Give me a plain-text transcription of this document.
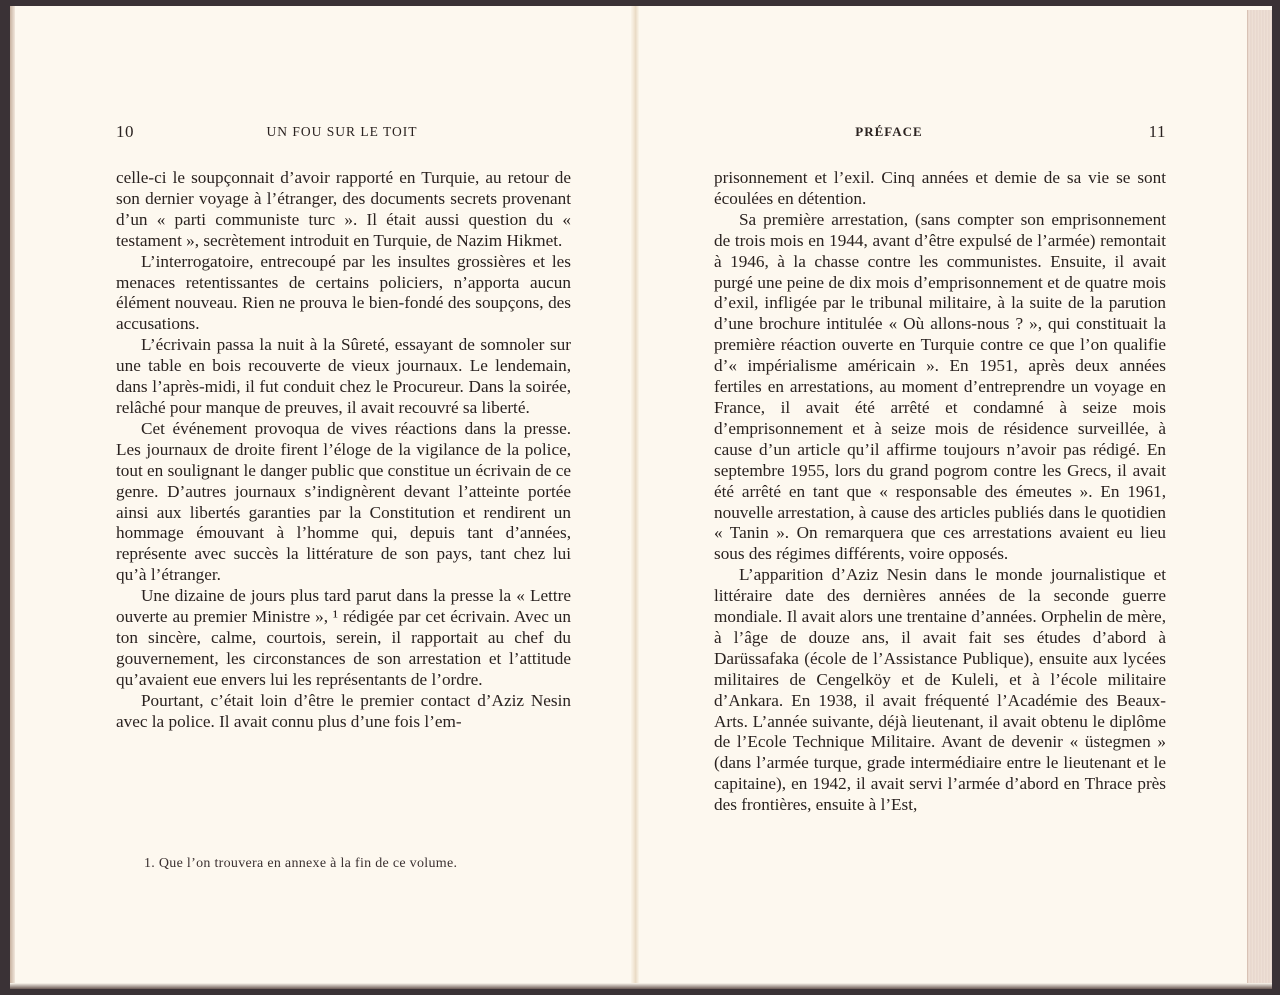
10	UN FOU SUR LE TOIT

celle-ci le soupçonnait d’avoir rapporté en Turquie, au retour de son dernier voyage à l’étranger, des documents secrets provenant d’un « parti communiste turc ». Il était aussi question du « testament », secrètement introduit en Turquie, de Nazim Hikmet.

L’interrogatoire, entrecoupé par les insultes grossières et les menaces retentissantes de certains policiers, n’apporta aucun élément nouveau. Rien ne prouva le bien-fondé des soupçons, des accusations.

L’écrivain passa la nuit à la Sûreté, essayant de somnoler sur une table en bois recouverte de vieux journaux. Le lendemain, dans l’après-midi, il fut conduit chez le Procureur. Dans la soirée, relâché pour manque de preuves, il avait recouvré sa liberté.

Cet événement provoqua de vives réactions dans la presse. Les journaux de droite firent l’éloge de la vigilance de la police, tout en soulignant le danger public que constitue un écrivain de ce genre. D’autres journaux s’indignèrent devant l’atteinte portée ainsi aux libertés garanties par la Constitution et rendirent un hommage émouvant à l’homme qui, depuis tant d’années, représente avec succès la littérature de son pays, tant chez lui qu’à l’étranger.

Une dizaine de jours plus tard parut dans la presse la « Lettre ouverte au premier Ministre », ¹ rédigée par cet écrivain. Avec un ton sincère, calme, courtois, serein, il rapportait au chef du gouvernement, les circonstances de son arrestation et l’attitude qu’avaient eue envers lui les représentants de l’ordre.

Pourtant, c’était loin d’être le premier contact d’Aziz Nesin avec la police. Il avait connu plus d’une fois l’em-

1. Que l’on trouvera en annexe à la fin de ce volume.
PRÉFACE	11

prisonnement et l’exil. Cinq années et demie de sa vie se sont écoulées en détention.

Sa première arrestation, (sans compter son emprisonnement de trois mois en 1944, avant d’être expulsé de l’armée) remontait à 1946, à la chasse contre les communistes. Ensuite, il avait purgé une peine de dix mois d’emprisonnement et de quatre mois d’exil, infligée par le tribunal militaire, à la suite de la parution d’une brochure intitulée « Où allons-nous ? », qui constituait la première réaction ouverte en Turquie contre ce que l’on qualifie d’« impérialisme américain ». En 1951, après deux années fertiles en arrestations, au moment d’entreprendre un voyage en France, il avait été arrêté et condamné à seize mois d’emprisonnement et à seize mois de résidence surveillée, à cause d’un article qu’il affirme toujours n’avoir pas rédigé. En septembre 1955, lors du grand pogrom contre les Grecs, il avait été arrêté en tant que « responsable des émeutes ». En 1961, nouvelle arrestation, à cause des articles publiés dans le quotidien « Tanin ». On remarquera que ces arrestations avaient eu lieu sous des régimes différents, voire opposés.

L’apparition d’Aziz Nesin dans le monde journalistique et littéraire date des dernières années de la seconde guerre mondiale. Il avait alors une trentaine d’années. Orphelin de mère, à l’âge de douze ans, il avait fait ses études d’abord à Darüssafaka (école de l’Assistance Publique), ensuite aux lycées militaires de Cengelköy et de Kuleli, et à l’école militaire d’Ankara. En 1938, il avait fréquenté l’Académie des Beaux-Arts. L’année suivante, déjà lieutenant, il avait obtenu le diplôme de l’Ecole Technique Militaire. Avant de devenir « üstegmen » (dans l’armée turque, grade intermédiaire entre le lieutenant et le capitaine), en 1942, il avait servi l’armée d’abord en Thrace près des frontières, ensuite à l’Est,
